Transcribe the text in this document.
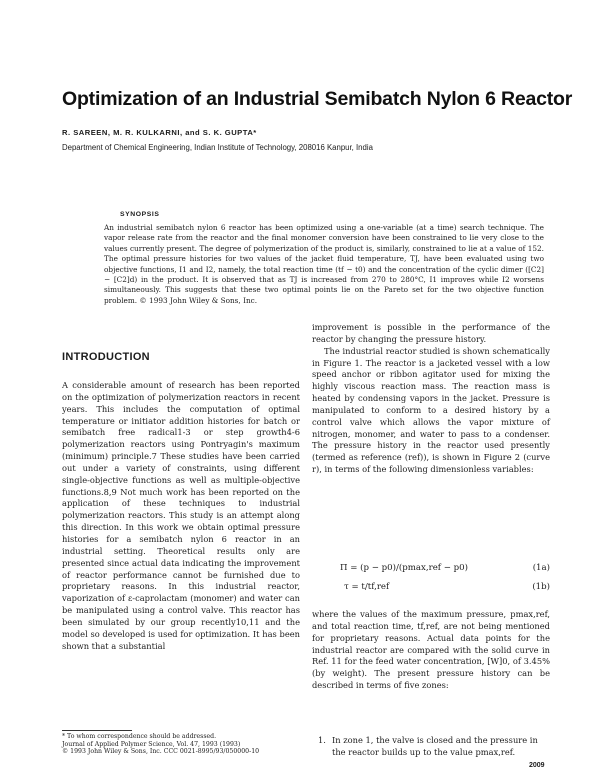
Optimization of an Industrial Semibatch Nylon 6 Reactor
R. SAREEN, M. R. KULKARNI, and S. K. GUPTA*
Department of Chemical Engineering, Indian Institute of Technology, 208016 Kanpur, India
SYNOPSIS

An industrial semibatch nylon 6 reactor has been optimized using a one-variable (at a time) search technique. The vapor release rate from the reactor and the final monomer conversion have been constrained to lie very close to the values currently present. The degree of polymerization of the product is, similarly, constrained to lie at a value of 152. The optimal pressure histories for two values of the jacket fluid temperature, TJ, have been evaluated using two objective functions, I1 and I2, namely, the total reaction time (tf − t0) and the concentration of the cyclic dimer ([C2] − [C2]d) in the product. It is observed that as TJ is increased from 270 to 280°C, I1 improves while I2 worsens simultaneously. This suggests that these two optimal points lie on the Pareto set for the two objective function problem. © 1993 John Wiley & Sons, Inc.

INTRODUCTION

A considerable amount of research has been reported on the optimization of polymerization reactors in recent years. This includes the computation of optimal temperature or initiator addition histories for batch or semibatch free radical1-3 or step growth4-6 polymerization reactors using Pontryagin's maximum (minimum) principle.7 These studies have been carried out under a variety of constraints, using different single-objective functions as well as multiple-objective functions.8,9 Not much work has been reported on the application of these techniques to industrial polymerization reactors. This study is an attempt along this direction. In this work we obtain optimal pressure histories for a semibatch nylon 6 reactor in an industrial setting. Theoretical results only are presented since actual data indicating the improvement of reactor performance cannot be furnished due to proprietary reasons. In this industrial reactor, vaporization of ε-caprolactam (monomer) and water can be manipulated using a control valve. This reactor has been simulated by our group recently10,11 and the model so developed is used for optimization. It has been shown that a substantial

improvement is possible in the performance of the reactor by changing the pressure history.

The industrial reactor studied is shown schematically in Figure 1. The reactor is a jacketed vessel with a low speed anchor or ribbon agitator used for mixing the highly viscous reaction mass. The reaction mass is heated by condensing vapors in the jacket. Pressure is manipulated to conform to a desired history by a control valve which allows the vapor mixture of nitrogen, monomer, and water to pass to a condenser. The pressure history in the reactor used presently (termed as reference (ref)), is shown in Figure 2 (curve r), in terms of the following dimensionless variables:

Π = (p − p0)/(pmax,ref − p0)	(1a)
τ = t/tf,ref	(1b)

where the values of the maximum pressure, pmax,ref, and total reaction time, tf,ref, are not being mentioned for proprietary reasons. Actual data points for the industrial reactor are compared with the solid curve in Ref. 11 for the feed water concentration, [W]0, of 3.45% (by weight). The present pressure history can be described in terms of five zones:

1. In zone 1, the valve is closed and the pressure in the reactor builds up to the value pmax,ref.
* To whom correspondence should be addressed.
Journal of Applied Polymer Science, Vol. 47, 1993 (1993)
© 1993 John Wiley & Sons, Inc. CCC 0021-8995/93/050000-10
2009
